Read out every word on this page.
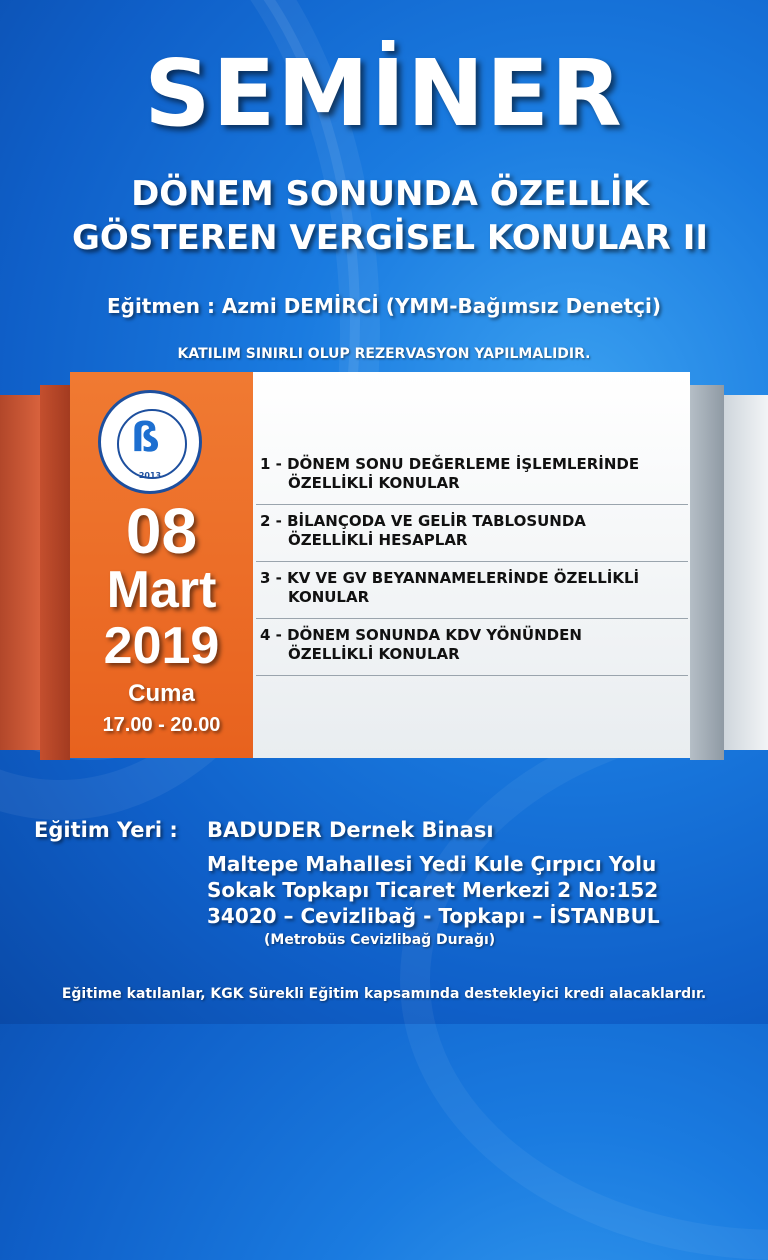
SEMİNER
DÖNEM SONUNDA ÖZELLİK
GÖSTEREN VERGİSEL KONULAR II
Eğitmen : Azmi DEMİRCİ (YMM-Bağımsız Denetçi)
KATILIM SINIRLI OLUP REZERVASYON YAPILMALIDIR.
ß
2013
08
Mart
2019
Cuma
17.00 - 20.00
1 - DÖNEM SONU DEĞERLEME İŞLEMLERİNDE
ÖZELLİKLİ KONULAR
2 - BİLANÇODA VE GELİR TABLOSUNDA
ÖZELLİKLİ HESAPLAR
3 - KV VE GV BEYANNAMELERİNDE ÖZELLİKLİ
KONULAR
4 - DÖNEM SONUNDA KDV YÖNÜNDEN
ÖZELLİKLİ KONULAR
Eğitim Yeri : BADUDER Dernek Binası
Maltepe Mahallesi Yedi Kule Çırpıcı Yolu
Sokak Topkapı Ticaret Merkezi 2 No:152
34020 – Cevizlibağ - Topkapı – İSTANBUL
(Metrobüs Cevizlibağ Durağı)
Eğitime katılanlar, KGK Sürekli Eğitim kapsamında destekleyici kredi alacaklardır.
